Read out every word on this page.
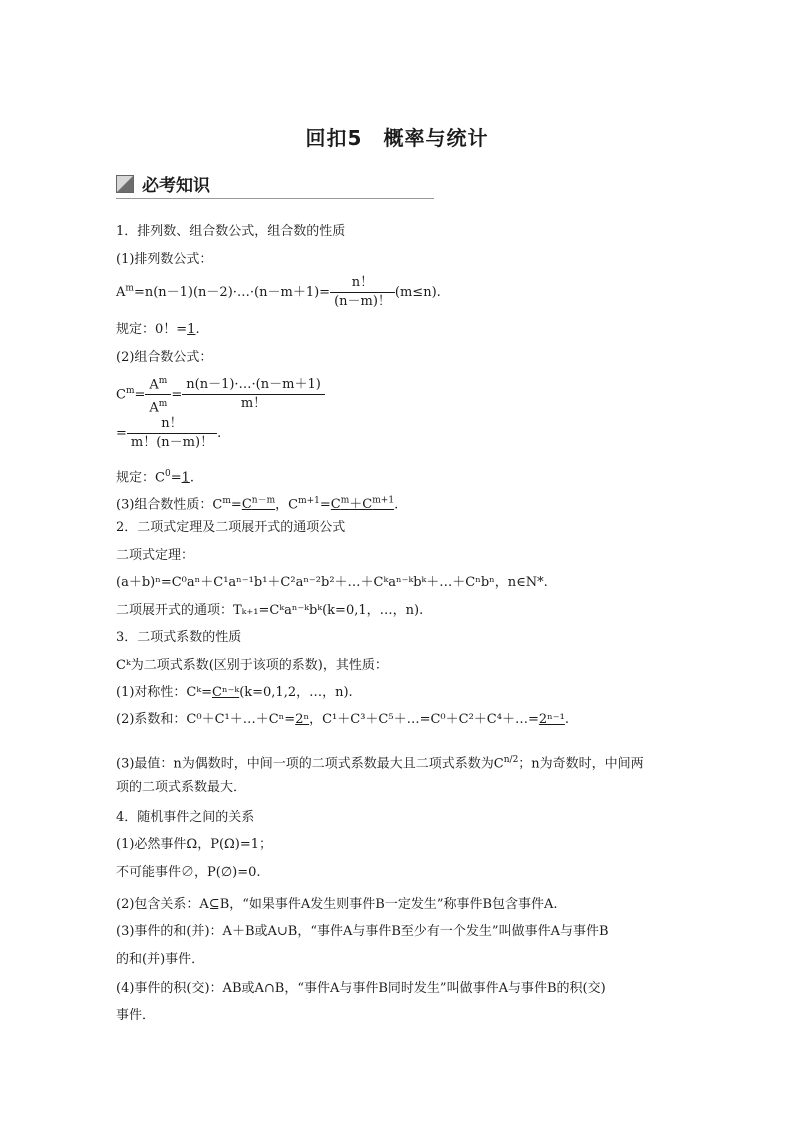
回扣5　概率与统计
必考知识
1．排列数、组合数公式，组合数的性质
(1)排列数公式：
$A^m=n(n-1)(n-2)\cdot\dots\cdot(n-m+1)= \frac{n!}{(n-m)!} (m\le n)$.
规定：0！=1.
(2)组合数公式：
$C^m= \frac{A^m}{A^m} = \frac{n(n-1)\cdot\dots\cdot(n-m+1)}{m!}$
= $\frac{n!}{m!(n-m)!}$ .
规定：$C^0=1$.
(3)组合数性质：$C^m=C^{n-m}$，$C^{m+1}=C^m+C^{m+1}$.
2．二项式定理及二项展开式的通项公式
二项式定理：
(a＋b)ⁿ=C⁰aⁿ＋C¹aⁿ⁻¹b¹＋C²aⁿ⁻²b²＋…＋Cᵏaⁿ⁻ᵏbᵏ＋…＋Cⁿbⁿ，n∈N*.
二项展开式的通项：Tₖ₊₁=Cᵏaⁿ⁻ᵏbᵏ(k=0,1，…，n).
3．二项式系数的性质
Cᵏ为二项式系数(区别于该项的系数)，其性质：
(1)对称性：Cᵏ=Cⁿ⁻ᵏ(k=0,1,2，…，n).
(2)系数和：C⁰＋C¹＋…＋Cⁿ=2ⁿ，C¹＋C³＋C⁵＋…=C⁰＋C²＋C⁴＋…=2ⁿ⁻¹.
(3)最值：n为偶数时，中间一项的二项式系数最大且二项式系数为$C^{n/2}$；n为奇数时，中间两
项的二项式系数最大．
4．随机事件之间的关系
(1)必然事件Ω，P(Ω)=1；
不可能事件∅，P(∅)=0.
(2)包含关系：A⊆B，“如果事件A发生则事件B一定发生”称事件B包含事件A.
(3)事件的和(并)：A＋B或A∪B，“事件A与事件B至少有一个发生”叫做事件A与事件B
的和(并)事件．
(4)事件的积(交)：AB或A∩B，“事件A与事件B同时发生”叫做事件A与事件B的积(交)
事件．
